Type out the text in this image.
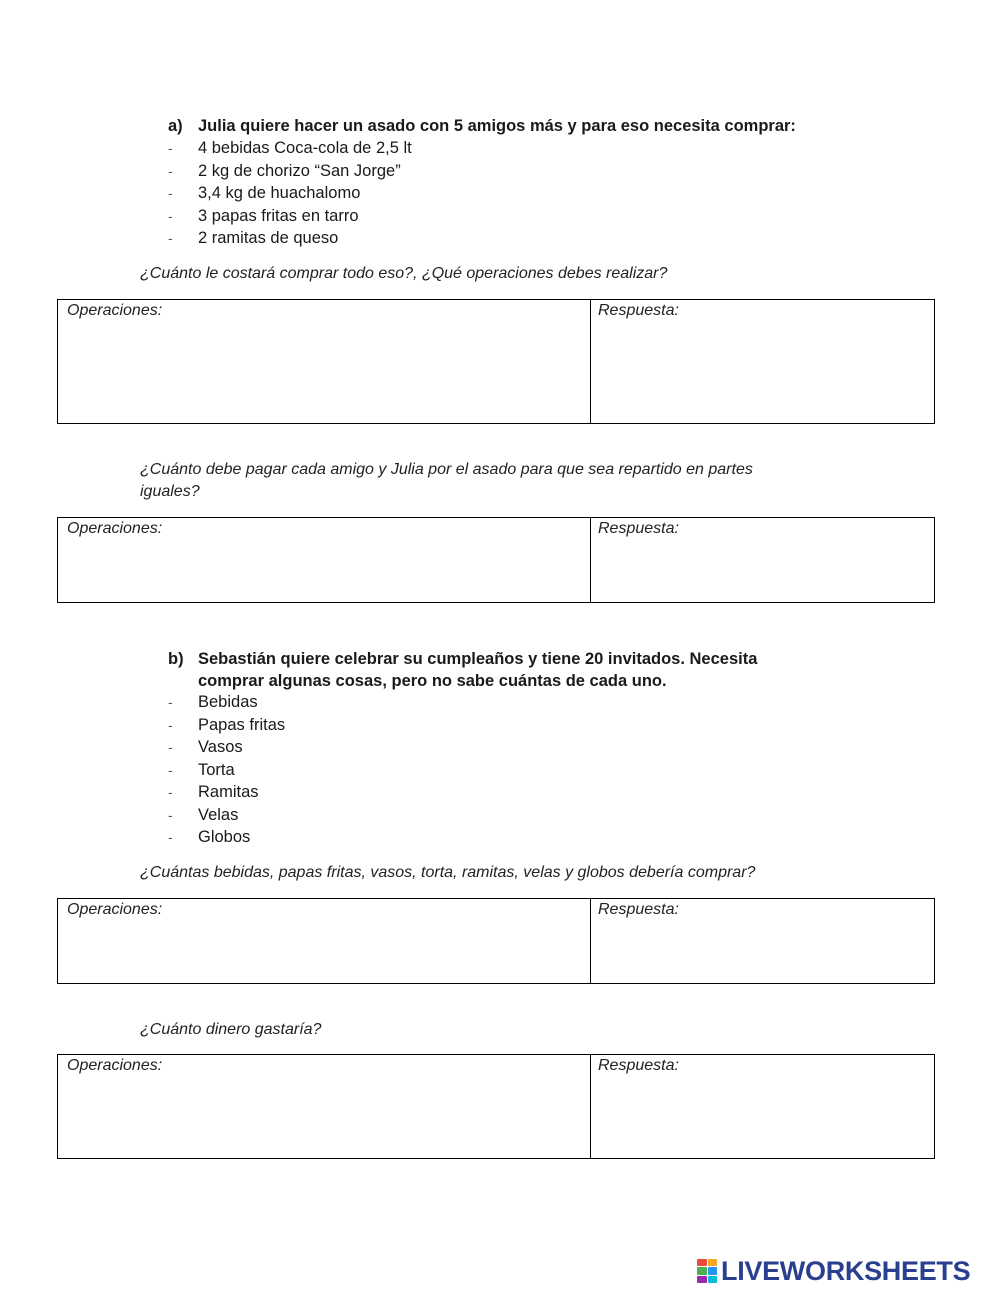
a) Julia quiere hacer un asado con 5 amigos más y para eso necesita comprar:
- 4 bebidas Coca-cola de 2,5 lt
- 2 kg de chorizo “San Jorge”
- 3,4 kg de huachalomo
- 3 papas fritas en tarro
- 2 ramitas de queso
¿Cuánto le costará comprar todo eso?, ¿Qué operaciones debes realizar?
Operaciones:	Respuesta:
¿Cuánto debe pagar cada amigo y Julia por el asado para que sea repartido en partes
iguales?
Operaciones:	Respuesta:
b) Sebastián quiere celebrar su cumpleaños y tiene 20 invitados. Necesita
comprar algunas cosas, pero no sabe cuántas de cada uno.
- Bebidas
- Papas fritas
- Vasos
- Torta
- Ramitas
- Velas
- Globos
¿Cuántas bebidas, papas fritas, vasos, torta, ramitas, velas y globos debería comprar?
Operaciones:	Respuesta:
¿Cuánto dinero gastaría?
Operaciones:	Respuesta:
LIVEWORKSHEETS
